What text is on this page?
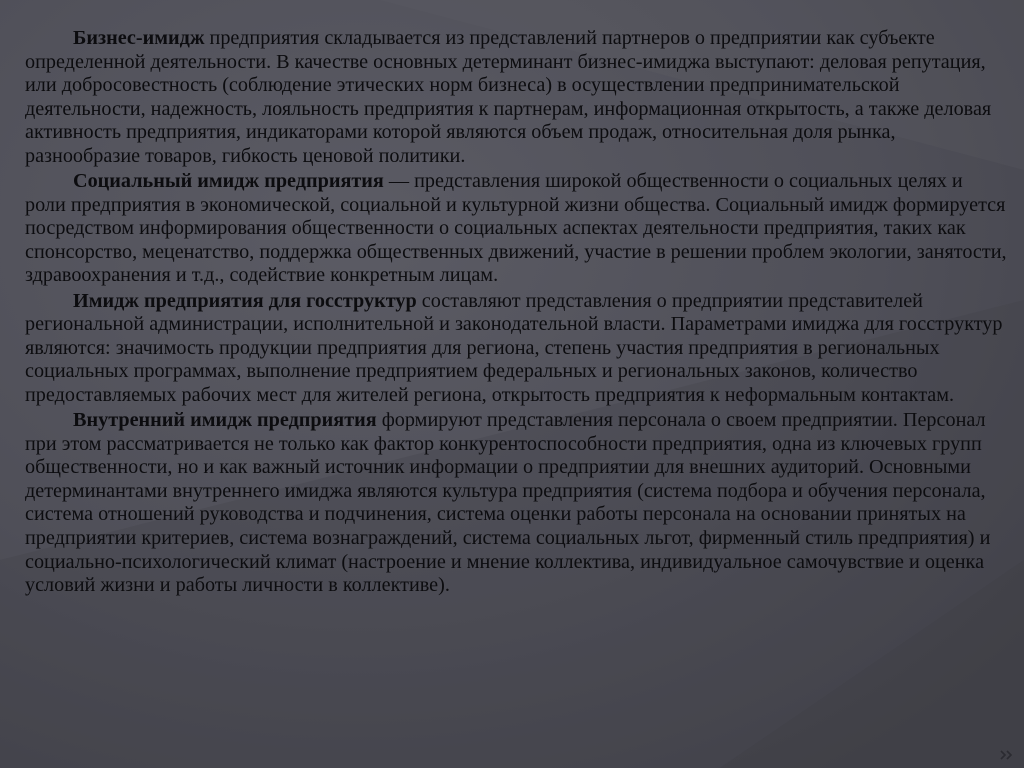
Бизнес-имидж предприятия складывается из представлений партнеров о предприятии как субъекте определенной деятельности. В качестве основных детерминант бизнес-имиджа выступают: деловая репутация, или добросовестность (соблюдение этических норм бизнеса) в осуществлении предпринимательской деятельности, надежность, лояльность предприятия к партнерам, информационная открытость, а также деловая активность предприятия, индикаторами которой являются объем продаж, относительная доля рынка, разнообразие товаров, гибкость ценовой политики.

Социальный имидж предприятия — представления широкой общественности о социальных целях и роли предприятия в экономической, социальной и культурной жизни общества. Социальный имидж формируется посредством информирования общественности о социальных аспектах деятельности предприятия, таких как спонсорство, меценатство, поддержка общественных движений, участие в решении проблем экологии, занятости, здравоохранения и т.д., содействие конкретным лицам.

Имидж предприятия для госструктур составляют представления о предприятии представителей региональной администрации, исполнительной и законодательной власти. Параметрами имиджа для госструктур являются: значимость продукции предприятия для региона, степень участия предприятия в региональных социальных программах, выполнение предприятием федеральных и региональных законов, количество предоставляемых рабочих мест для жителей региона, открытость предприятия к неформальным контактам.

Внутренний имидж предприятия формируют представления персонала о своем предприятии. Персонал при этом рассматривается не только как фактор конкурентоспособности предприятия, одна из ключевых групп общественности, но и как важный источник информации о предприятии для внешних аудиторий. Основными детерминантами внутреннего имиджа являются культура предприятия (система подбора и обучения персонала, система отношений руководства и подчинения, система оценки работы персонала на основании принятых на предприятии критериев, система вознаграждений, система социальных льгот, фирменный стиль предприятия) и социально-психологический климат (настроение и мнение коллектива, индивидуальное самочувствие и оценка условий жизни и работы личности в коллективе).
